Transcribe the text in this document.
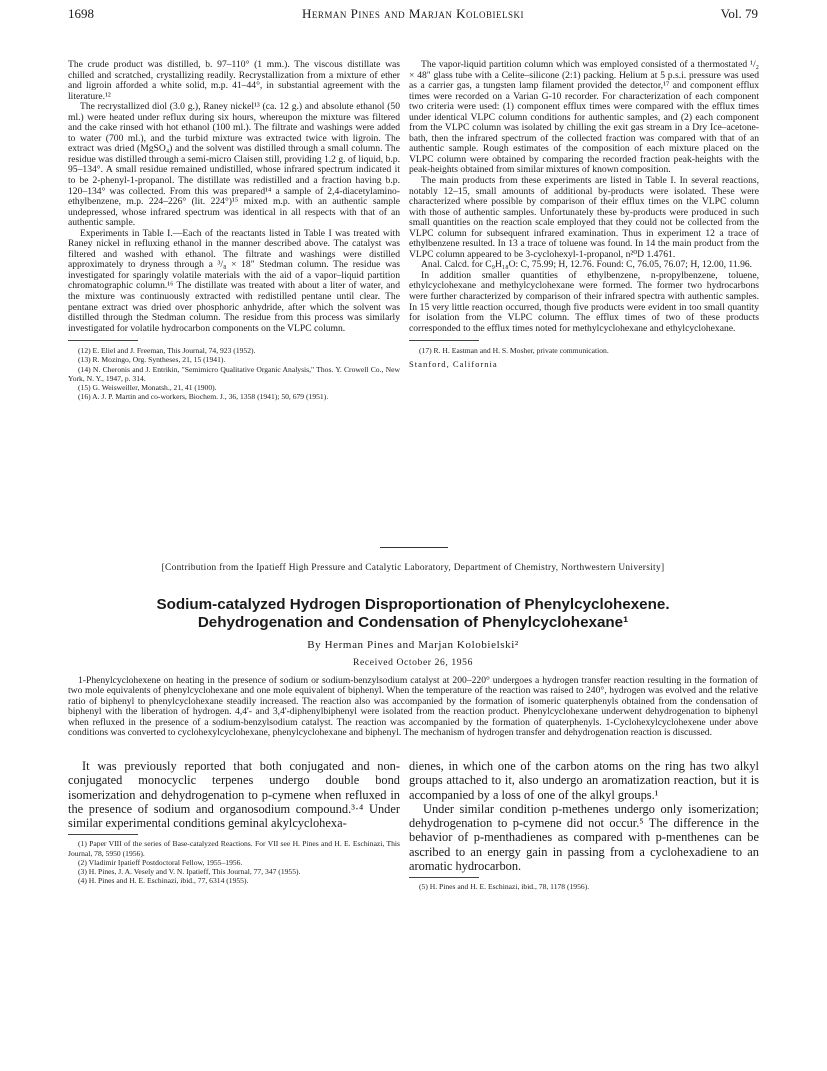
1698	Herman Pines and Marjan Kolobielski	Vol. 79

The crude product was distilled, b. 97–110° (1 mm.). The viscous distillate was chilled and scratched, crystallizing readily. Recrystallization from a mixture of ether and ligroin afforded a white solid, m.p. 41–44°, in substantial agreement with the literature.¹²

The recrystallized diol (3.0 g.), Raney nickel¹³ (ca. 12 g.) and absolute ethanol (50 ml.) were heated under reflux during six hours, whereupon the mixture was filtered and the cake rinsed with hot ethanol (100 ml.). The filtrate and washings were added to water (700 ml.), and the turbid mixture was extracted twice with ligroin. The extract was dried (MgSO₄) and the solvent was distilled through a small column. The residue was distilled through a semi-micro Claisen still, providing 1.2 g. of liquid, b.p. 95–134°. A small residue remained undistilled, whose infrared spectrum indicated it to be 2-phenyl-1-propanol. The distillate was redistilled and a fraction having b.p. 120–134° was collected. From this was prepared¹⁴ a sample of 2,4-diacetylamino-ethylbenzene, m.p. 224–226° (lit. 224°)¹⁵ mixed m.p. with an authentic sample undepressed, whose infrared spectrum was identical in all respects with that of an authentic sample.

Experiments in Table I.—Each of the reactants listed in Table I was treated with Raney nickel in refluxing ethanol in the manner described above. The catalyst was filtered and washed with ethanol. The filtrate and washings were distilled approximately to dryness through a ³/₈ × 18" Stedman column. The residue was investigated for sparingly volatile materials with the aid of a vapor–liquid partition chromatographic column.¹⁶ The distillate was treated with about a liter of water, and the mixture was continuously extracted with redistilled pentane until clear. The pentane extract was dried over phosphoric anhydride, after which the solvent was distilled through the Stedman column. The residue from this process was similarly investigated for volatile hydrocarbon components on the VLPC column.

(12) E. Eliel and J. Freeman, This Journal, 74, 923 (1952).

(13) R. Mozingo, Org. Syntheses, 21, 15 (1941).

(14) N. Cheronis and J. Entrikin, "Semimicro Qualitative Organic Analysis," Thos. Y. Crowell Co., New York, N. Y., 1947, p. 314.

(15) G. Weisweiller, Monatsh., 21, 41 (1900).

(16) A. J. P. Martin and co-workers, Biochem. J., 36, 1358 (1941); 50, 679 (1951).

The vapor-liquid partition column which was employed consisted of a thermostated ¹/₂ × 48" glass tube with a Celite–silicone (2:1) packing. Helium at 5 p.s.i. pressure was used as a carrier gas, a tungsten lamp filament provided the detector,¹⁷ and component efflux times were recorded on a Varian G-10 recorder. For characterization of each component two criteria were used: (1) component efflux times were compared with the efflux times under identical VLPC column conditions for authentic samples, and (2) each component from the VLPC column was isolated by chilling the exit gas stream in a Dry Ice–acetone-bath, then the infrared spectrum of the collected fraction was compared with that of an authentic sample. Rough estimates of the composition of each mixture placed on the VLPC column were obtained by comparing the recorded fraction peak-heights with the peak-heights obtained from similar mixtures of known composition.

The main products from these experiments are listed in Table I. In several reactions, notably 12–15, small amounts of additional by-products were isolated. These were characterized where possible by comparison of their efflux times on the VLPC column with those of authentic samples. Unfortunately these by-products were produced in such small quantities on the reaction scale employed that they could not be collected from the VLPC column for subsequent infrared examination. Thus in experiment 12 a trace of ethylbenzene resulted. In 13 a trace of toluene was found. In 14 the main product from the VLPC column appeared to be 3-cyclohexyl-1-propanol, n²⁰D 1.4761.

Anal. Calcd. for C₉H₁₈O: C, 75.99; H, 12.76. Found: C, 76.05, 76.07; H, 12.00, 11.96.

In addition smaller quantities of ethylbenzene, n-propylbenzene, toluene, ethylcyclohexane and methylcyclohexane were formed. The former two hydrocarbons were further characterized by comparison of their infrared spectra with authentic samples. In 15 very little reaction occurred, though five products were evident in too small quantity for isolation from the VLPC column. The efflux times of two of these products corresponded to the efflux times noted for methylcyclohexane and ethylcyclohexane.

(17) R. H. Eastman and H. S. Mosher, private communication.

Stanford, California
[Contribution from the Ipatieff High Pressure and Catalytic Laboratory, Department of Chemistry, Northwestern University]
Sodium-catalyzed Hydrogen Disproportionation of Phenylcyclohexene.
Dehydrogenation and Condensation of Phenylcyclohexane¹
By Herman Pines and Marjan Kolobielski²
Received October 26, 1956
1-Phenylcyclohexene on heating in the presence of sodium or sodium-benzylsodium catalyst at 200–220° undergoes a hydrogen transfer reaction resulting in the formation of two mole equivalents of phenylcyclohexane and one mole equivalent of biphenyl. When the temperature of the reaction was raised to 240°, hydrogen was evolved and the relative ratio of biphenyl to phenylcyclohexane steadily increased. The reaction also was accompanied by the formation of isomeric quaterphenyls obtained from the condensation of biphenyl with the liberation of hydrogen. 4,4'- and 3,4'-diphenylbiphenyl were isolated from the reaction product. Phenylcyclohexane underwent dehydrogenation to biphenyl when refluxed in the presence of a sodium-benzylsodium catalyst. The reaction was accompanied by the formation of quaterphenyls. 1-Cyclohexylcyclohexene under above conditions was converted to cyclohexylcyclohexane, phenylcyclohexane and biphenyl. The mechanism of hydrogen transfer and dehydrogenation reaction is discussed.

It was previously reported that both conjugated and non-conjugated monocyclic terpenes undergo double bond isomerization and dehydrogenation to p-cymene when refluxed in the presence of sodium and organosodium compound.³·⁴ Under similar experimental conditions geminal akylcyclohexa-

(1) Paper VIII of the series of Base-catalyzed Reactions. For VII see H. Pines and H. E. Eschinazi, This Journal, 78, 5950 (1956).

(2) Vladimir Ipatieff Postdoctoral Fellow, 1955–1956.

(3) H. Pines, J. A. Vesely and V. N. Ipatieff, This Journal, 77, 347 (1955).

(4) H. Pines and H. E. Eschinazi, ibid., 77, 6314 (1955).

dienes, in which one of the carbon atoms on the ring has two alkyl groups attached to it, also undergo an aromatization reaction, but it is accompanied by a loss of one of the alkyl groups.¹

Under similar condition p-methenes undergo only isomerization; dehydrogenation to p-cymene did not occur.⁵ The difference in the behavior of p-menthadienes as compared with p-menthenes can be ascribed to an energy gain in passing from a cyclohexadiene to an aromatic hydrocarbon.

(5) H. Pines and H. E. Eschinazi, ibid., 78, 1178 (1956).
